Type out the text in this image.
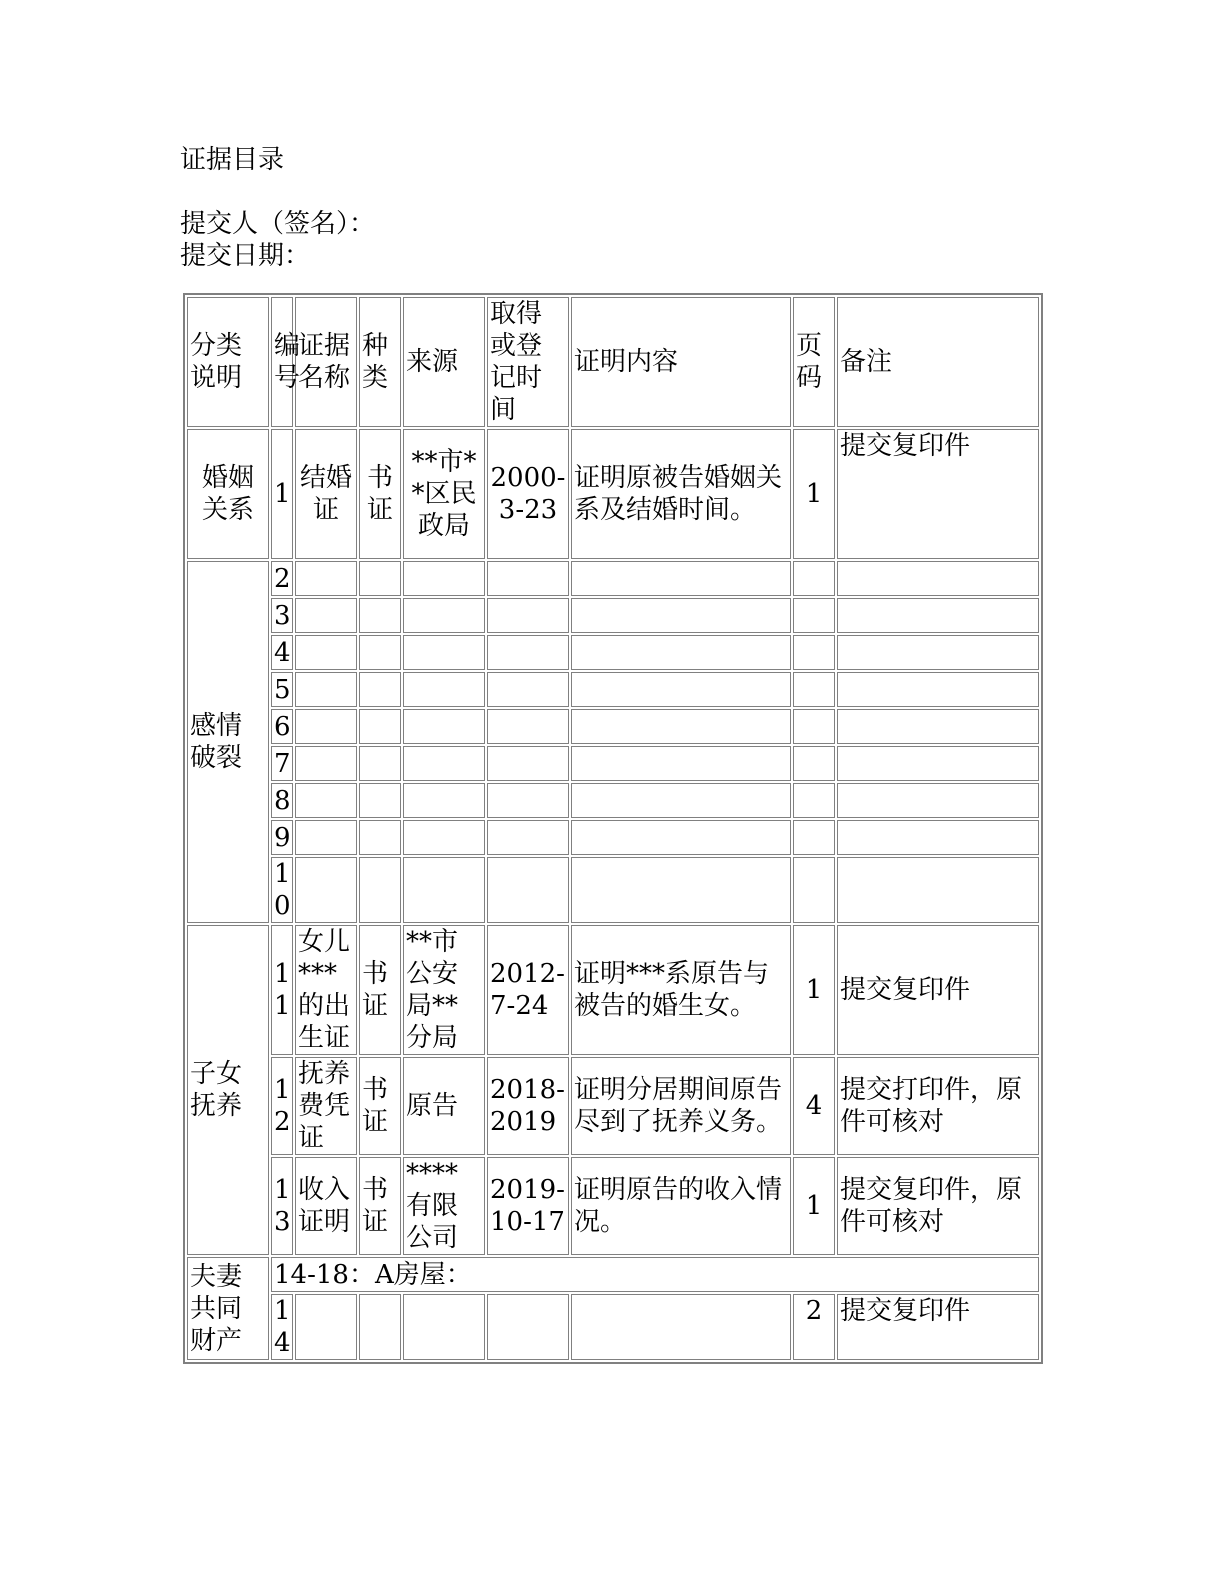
证据目录
提交人（签名）：
提交日期：
分类说明	编号	证据名称	种类	来源	取得或登记时间	证明内容	页码	备注
婚姻关系	1	结婚证	书证	**市**区民政局	2000-3-23	证明原被告婚姻关系及结婚时间。	1	提交复印件
感情破裂	2							
	3							
	4							
	5							
	6							
	7							
	8							
	9							
	10							
子女抚养	11	女儿***的出生证	书证	**市公安局**分局	2012-7-24	证明***系原告与被告的婚生女。	1	提交复印件
	12	抚养费凭证	书证	原告	2018-2019	证明分居期间原告尽到了抚养义务。	4	提交打印件，原件可核对
	13	收入证明	书证	****有限公司	2019-10-17	证明原告的收入情况。	1	提交复印件，原件可核对
夫妻共同财产	14-18：A房屋：							
	14						2	提交复印件
